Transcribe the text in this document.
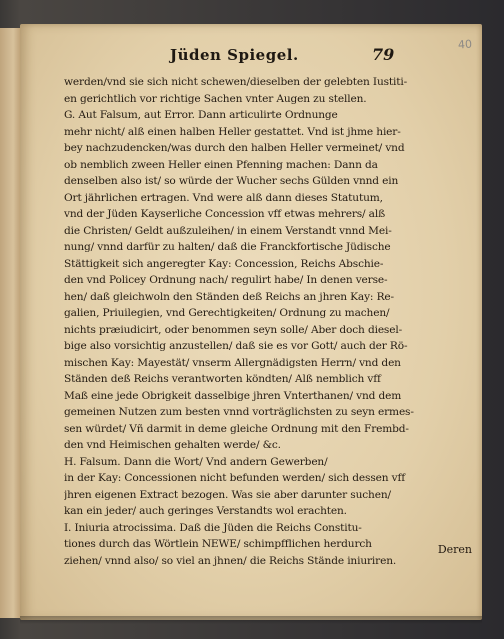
40
Jüden Spiegel.	79
werden/vnd sie sich nicht schewen/dieselben der gelebten Iustiti-
en gerichtlich vor richtige Sachen vnter Augen zu stellen.
G. Aut Falsum, aut Error. Dann articulirte Ordnunge
mehr nicht/ alß einen halben Heller gestattet. Vnd ist jhme hier-
bey nachzudencken/was durch den halben Heller vermeinet/ vnd
ob nemblich zween Heller einen Pfenning machen: Dann da
denselben also ist/ so würde der Wucher sechs Gülden vnnd ein
Ort jährlichen ertragen. Vnd were alß dann dieses Statutum,
vnd der Jüden Kayserliche Concession vff etwas mehrers/ alß
die Christen/ Geldt außzuleihen/ in einem Verstandt vnnd Mei-
nung/ vnnd darfür zu halten/ daß die Franckfortische Jüdische
Stättigkeit sich angeregter Kay: Concession, Reichs Abschie-
den vnd Policey Ordnung nach/ regulirt habe/ In denen verse-
hen/ daß gleichwoln den Ständen deß Reichs an jhren Kay: Re-
galien, Priuilegien, vnd Gerechtigkeiten/ Ordnung zu machen/
nichts præiudicirt, oder benommen seyn solle/ Aber doch diesel-
bige also vorsichtig anzustellen/ daß sie es vor Gott/ auch der Rö-
mischen Kay: Mayestät/ vnserm Allergnädigsten Herrn/ vnd den
Ständen deß Reichs verantworten köndten/ Alß nemblich vff
Maß eine jede Obrigkeit dasselbige jhren Vnterthanen/ vnd dem
gemeinen Nutzen zum besten vnnd vorträglichsten zu seyn ermes-
sen würdet/ Vñ darmit in deme gleiche Ordnung mit den Frembd-
den vnd Heimischen gehalten werde/ &c.
H. Falsum. Dann die Wort/ Vnd andern Gewerben/
in der Kay: Concessionen nicht befunden werden/ sich dessen vff
jhren eigenen Extract bezogen. Was sie aber darunter suchen/
kan ein jeder/ auch geringes Verstandts wol erachten.
I. Iniuria atrocissima. Daß die Jüden die Reichs Constitu-
tiones durch das Wörtlein NEWE/ schimpfflichen herdurch
ziehen/ vnnd also/ so viel an jhnen/ die Reichs Stände iniuriren.
Deren
